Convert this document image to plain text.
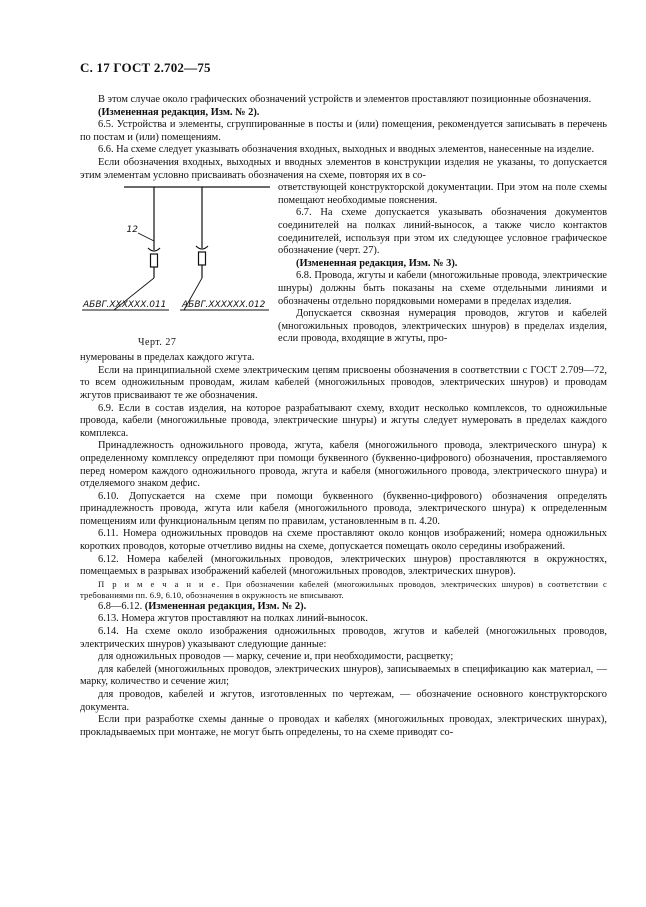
С. 17 ГОСТ 2.702—75

В этом случае около графических обозначений устройств и элементов проставляют позиционные обозначения.

(Измененная редакция, Изм. № 2).

6.5. Устройства и элементы, сгруппированные в посты и (или) помещения, рекомендуется записывать в перечень по постам и (или) помещениям.

6.6. На схеме следует указывать обозначения входных, выходных и вводных элементов, нанесенные на изделие.

Если обозначения входных, выходных и вводных элементов в конструкции изделия не указаны, то допускается этим элементам условно присваивать обозначения на схеме, повторяя их в со-

12
АБВГ.XXXXXX.011 АБВГ.XXXXXX.012
Черт. 27

ответствующей конструкторской документации. При этом на поле схемы помещают необходимые пояснения.

6.7. На схеме допускается указывать обозначения документов соединителей на полках линий-выносок, а также число контактов соединителей, используя при этом их следующее условное графическое обозначение (черт. 27).

(Измененная редакция, Изм. № 3).

6.8. Провода, жгуты и кабели (многожильные провода, электрические шнуры) должны быть показаны на схеме отдельными линиями и обозначены отдельно порядковыми номерами в пределах изделия.

Допускается сквозная нумерация проводов, жгутов и кабелей (многожильных проводов, электрических шнуров) в пределах изделия, если провода, входящие в жгуты, про-

нумерованы в пределах каждого жгута.

Если на принципиальной схеме электрическим цепям присвоены обозначения в соответствии с ГОСТ 2.709—72, то всем одножильным проводам, жилам кабелей (многожильных проводов, электрических шнуров) и проводам жгутов присваивают те же обозначения.

6.9. Если в состав изделия, на которое разрабатывают схему, входит несколько комплексов, то одножильные провода, кабели (многожильные провода, электрические шнуры) и жгуты следует нумеровать в пределах каждого комплекса.

Принадлежность одножильного провода, жгута, кабеля (многожильного провода, электрического шнура) к определенному комплексу определяют при помощи буквенного (буквенно-цифрового) обозначения, проставляемого перед номером каждого одножильного провода, жгута и кабеля (многожильного провода, электрического шнура) и отделяемого знаком дефис.

6.10. Допускается на схеме при помощи буквенного (буквенно-цифрового) обозначения определять принадлежность провода, жгута или кабеля (многожильного провода, электрического шнура) к определенным помещениям или функциональным цепям по правилам, установленным в п. 4.20.

6.11. Номера одножильных проводов на схеме проставляют около концов изображений; номера одножильных коротких проводов, которые отчетливо видны на схеме, допускается помещать около середины изображений.

6.12. Номера кабелей (многожильных проводов, электрических шнуров) проставляются в окружностях, помещаемых в разрывах изображений кабелей (многожильных проводов, электрических шнуров).

П р и м е ч а н и е. При обозначении кабелей (многожильных проводов, электрических шнуров) в соответствии с требованиями пп. 6.9, 6.10, обозначения в окружность не вписывают.

6.8—6.12. (Измененная редакция, Изм. № 2).

6.13. Номера жгутов проставляют на полках линий-выносок.

6.14. На схеме около изображения одножильных проводов, жгутов и кабелей (многожильных проводов, электрических шнуров) указывают следующие данные:

для одножильных проводов — марку, сечение и, при необходимости, расцветку;

для кабелей (многожильных проводов, электрических шнуров), записываемых в спецификацию как материал, — марку, количество и сечение жил;

для проводов, кабелей и жгутов, изготовленных по чертежам, — обозначение основного конструкторского документа.

Если при разработке схемы данные о проводах и кабелях (многожильных проводах, электрических шнурах), прокладываемых при монтаже, не могут быть определены, то на схеме приводят со-
